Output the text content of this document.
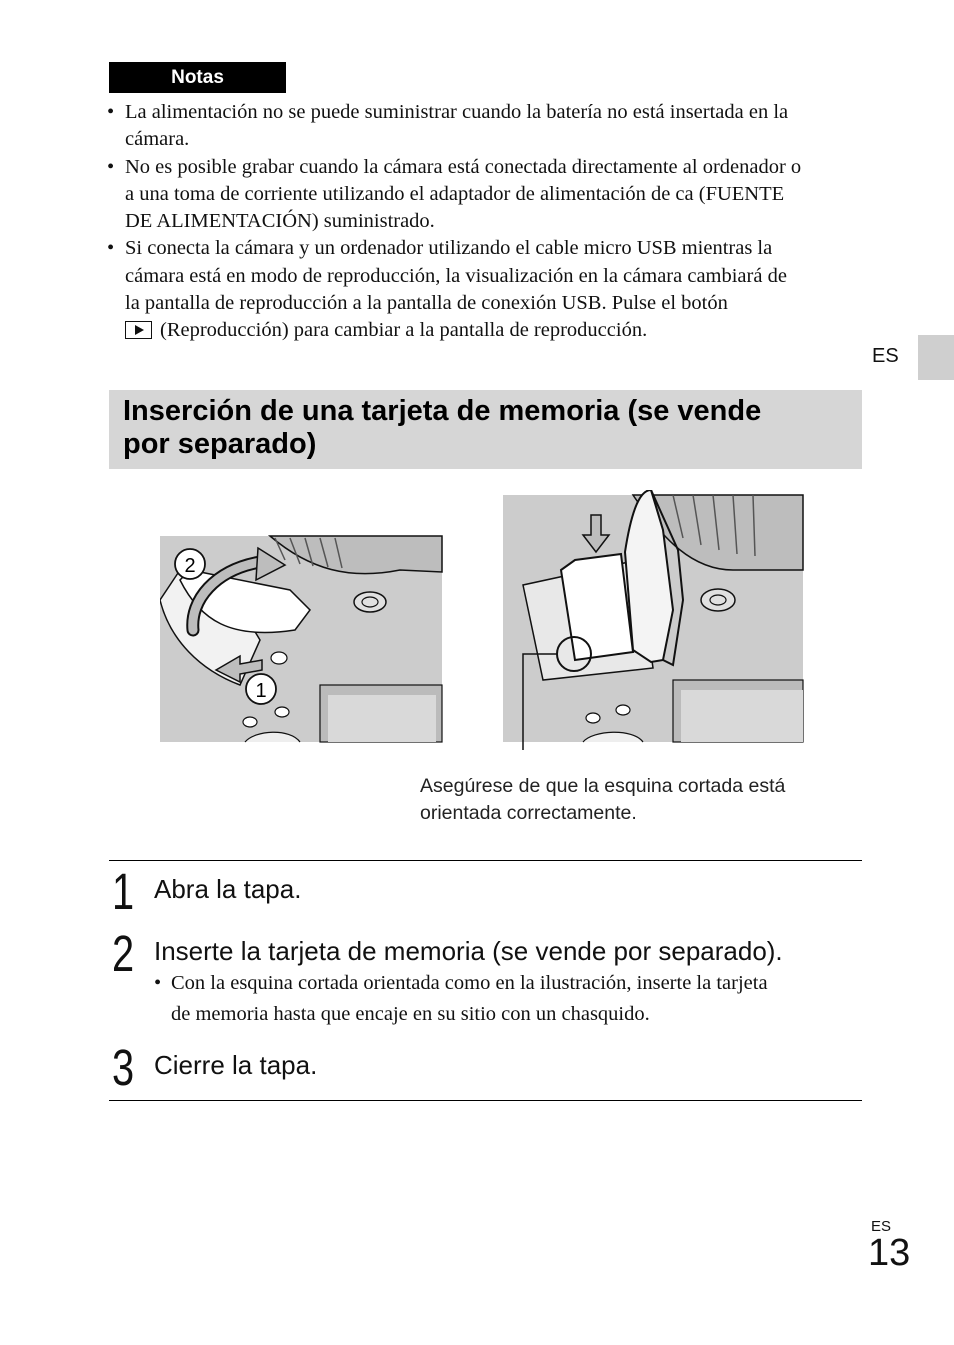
Notas
• La alimentación no se puede suministrar cuando la batería no está insertada en la
cámara.
• No es posible grabar cuando la cámara está conectada directamente al ordenador o
a una toma de corriente utilizando el adaptador de alimentación de ca (FUENTE
DE ALIMENTACIÓN) suministrado.
• Si conecta la cámara y un ordenador utilizando el cable micro USB mientras la
cámara está en modo de reproducción, la visualización en la cámara cambiará de
la pantalla de reproducción a la pantalla de conexión USB. Pulse el botón
(Reproducción) para cambiar a la pantalla de reproducción.
ES
Inserción de una tarjeta de memoria (se vende
por separado)
2
1
Asegúrese de que la esquina cortada está
orientada correctamente.
1 Abra la tapa.
2 Inserte la tarjeta de memoria (se vende por separado).
• Con la esquina cortada orientada como en la ilustración, inserte la tarjeta
de memoria hasta que encaje en su sitio con un chasquido.
3 Cierre la tapa.
ES
13
